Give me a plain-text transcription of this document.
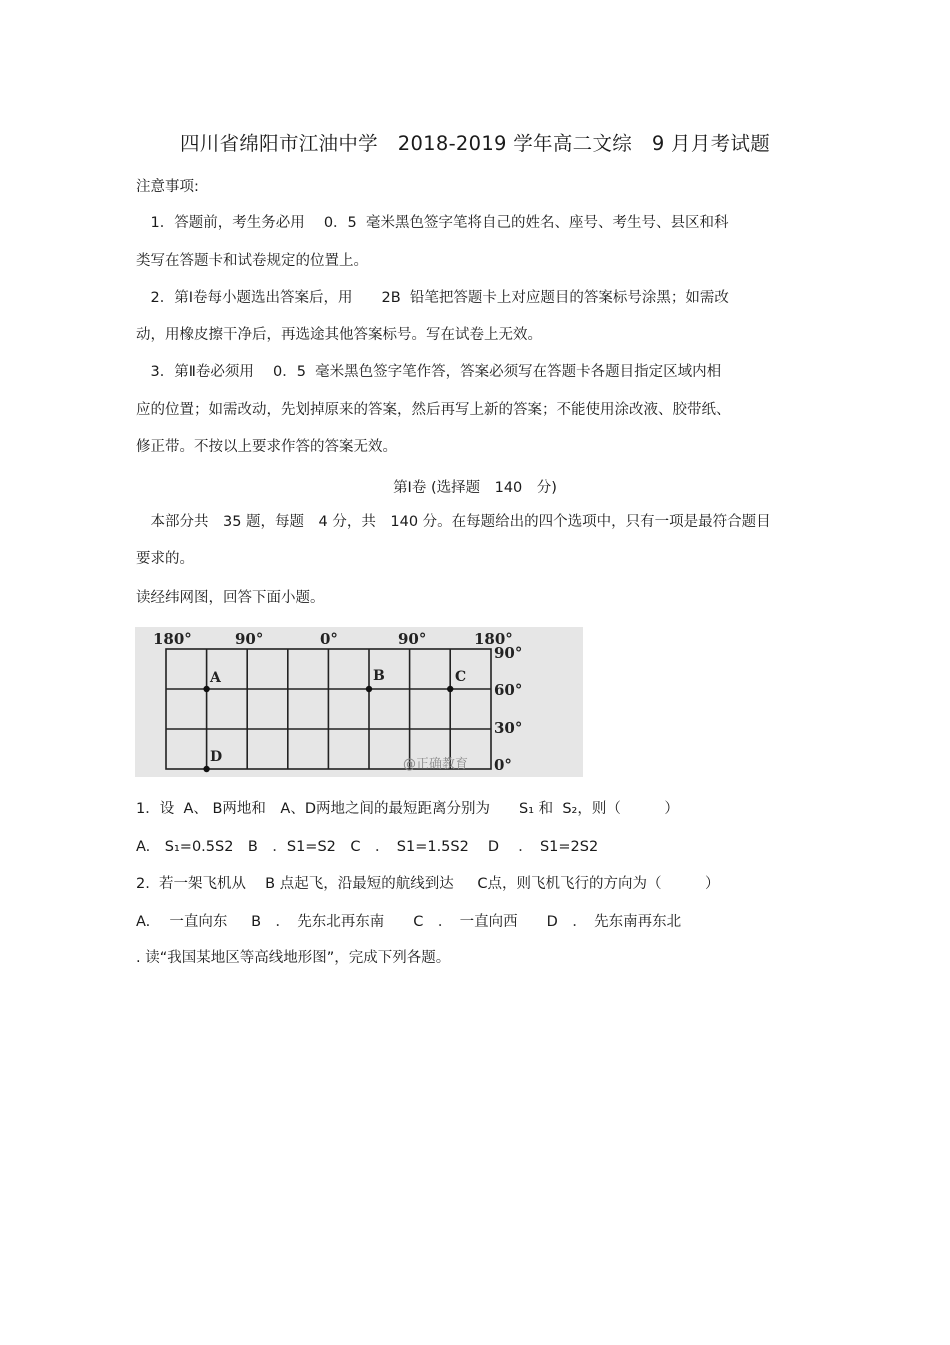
四川省绵阳市江油中学　2018-2019 学年高二文综　9 月月考试题
注意事项:
　1．答题前，考生务必用　 0．5  毫米黑色签字笔将自己的姓名、座号、考生号、县区和科
类写在答题卡和试卷规定的位置上。
　2．第Ⅰ卷每小题选出答案后，用　　2B  铅笔把答题卡上对应题目的答案标号涂黑；如需改
动，用橡皮擦干净后，再选途其他答案标号。写在试卷上无效。
　3．第Ⅱ卷必须用　 0．5  毫米黑色签字笔作答，答案必须写在答题卡各题目指定区域内相
应的位置；如需改动，先划掉原来的答案，然后再写上新的答案；不能使用涂改液、胶带纸、
修正带。不按以上要求作答的答案无效。
第Ⅰ卷 (选择题　140　分)
　本部分共　35 题，每题　4 分，共　140 分。在每题给出的四个选项中，只有一项是最符合题目
要求的。
读经纬网图，回答下面小题。
180°	90°	0°	90°	180°
90°
60°
30°
0°
A	B	C
D	@正确教育
1．设  A、 B两地和　A、D两地之间的最短距离分别为　　S₁ 和  S₂，则（　　　）
A.　S₁=0.5S2　B　．S1=S2　C　．　S1=1.5S2　 D　 ．　S1=2S2
2.  若一架飞机从　 B 点起飞，沿最短的航线到达　  C点，则飞机飞行的方向为（　　　）
A.　 一直向东　  B　．　先东北再东南　　C　．　一直向西　　D　．　先东南再东北
. 读“我国某地区等高线地形图”，完成下列各题。
